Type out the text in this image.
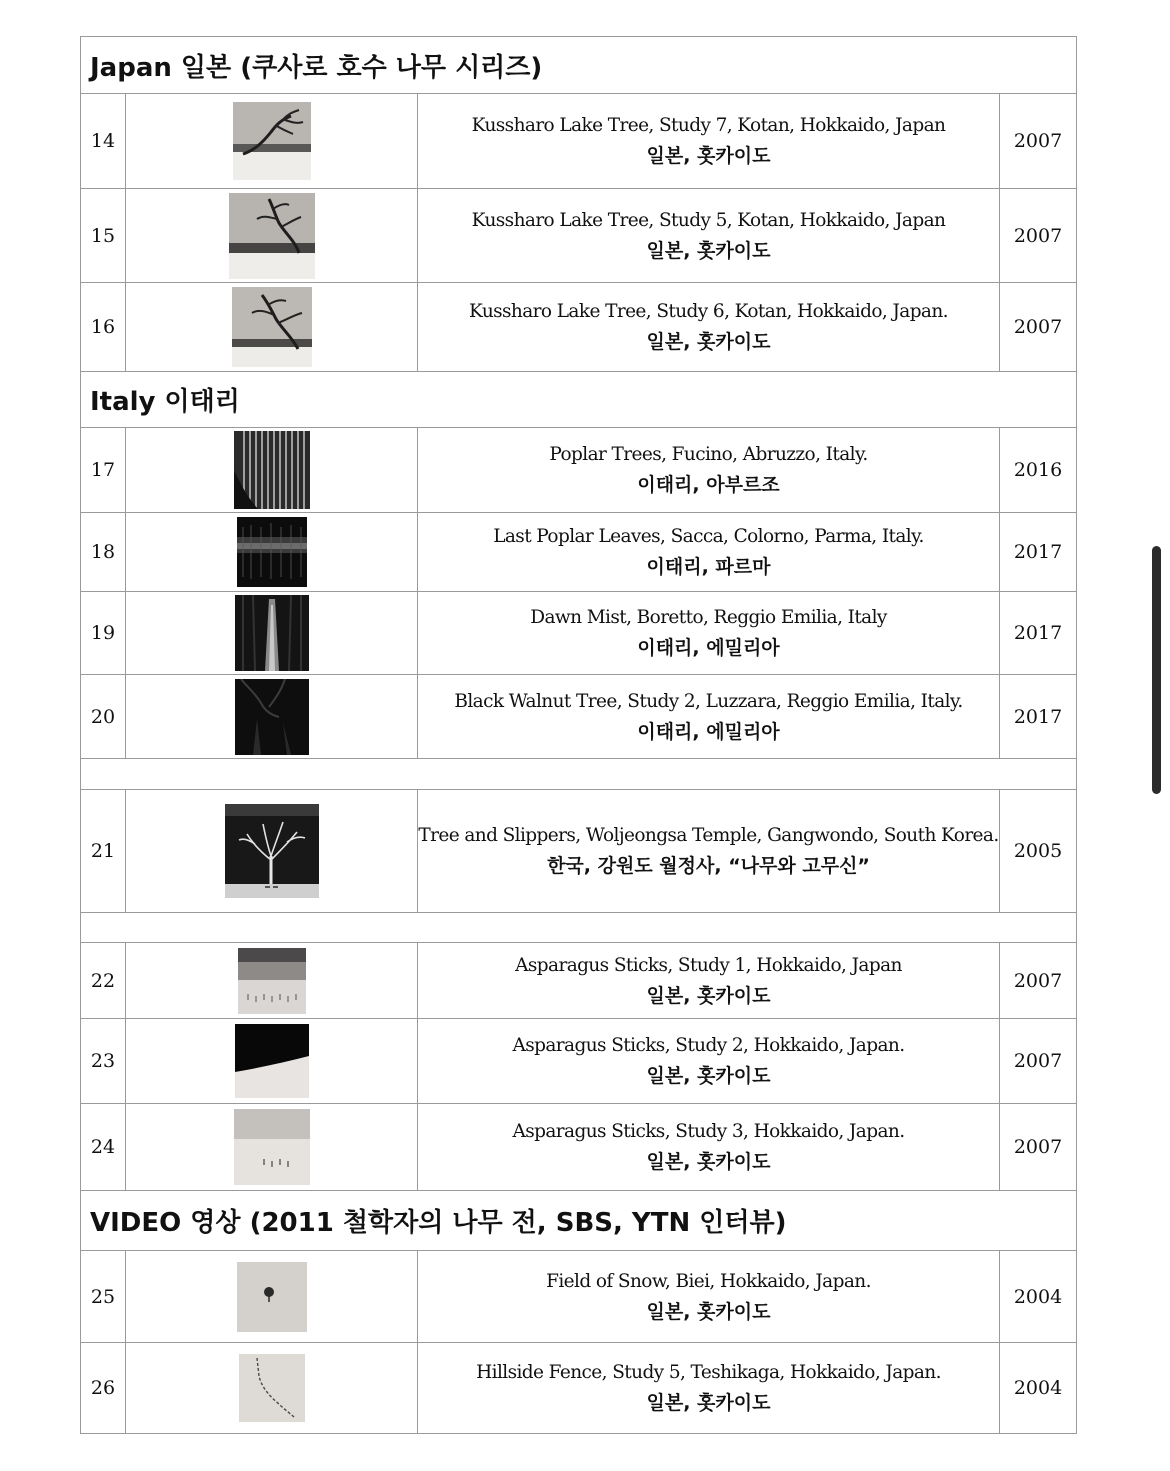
Japan 일본 (쿠사로 호수 나무 시리즈)
14
Kussharo Lake Tree, Study 7, Kotan, Hokkaido, Japan
일본, 홋카이도
2007
15
Kussharo Lake Tree, Study 5, Kotan, Hokkaido, Japan
일본, 홋카이도
2007
16
Kussharo Lake Tree, Study 6, Kotan, Hokkaido, Japan.
일본, 홋카이도
2007
Italy 이태리
17
Poplar Trees, Fucino, Abruzzo, Italy.
이태리, 아부르조
2016
18
Last Poplar Leaves, Sacca, Colorno, Parma, Italy.
이태리, 파르마
2017
19
Dawn Mist, Boretto, Reggio Emilia, Italy
이태리, 에밀리아
2017
20
Black Walnut Tree, Study 2, Luzzara, Reggio Emilia, Italy.
이태리, 에밀리아
2017
21
Tree and Slippers, Woljeongsa Temple, Gangwondo, South Korea.
한국, 강원도 월정사, “나무와 고무신”
2005
22
Asparagus Sticks, Study 1, Hokkaido, Japan
일본, 홋카이도
2007
23
Asparagus Sticks, Study 2, Hokkaido, Japan.
일본, 홋카이도
2007
24
Asparagus Sticks, Study 3, Hokkaido, Japan.
일본, 홋카이도
2007
VIDEO 영상 (2011 철학자의 나무 전, SBS, YTN 인터뷰)
25
Field of Snow, Biei, Hokkaido, Japan.
일본, 홋카이도
2004
26
Hillside Fence, Study 5, Teshikaga, Hokkaido, Japan.
일본, 홋카이도
2004
